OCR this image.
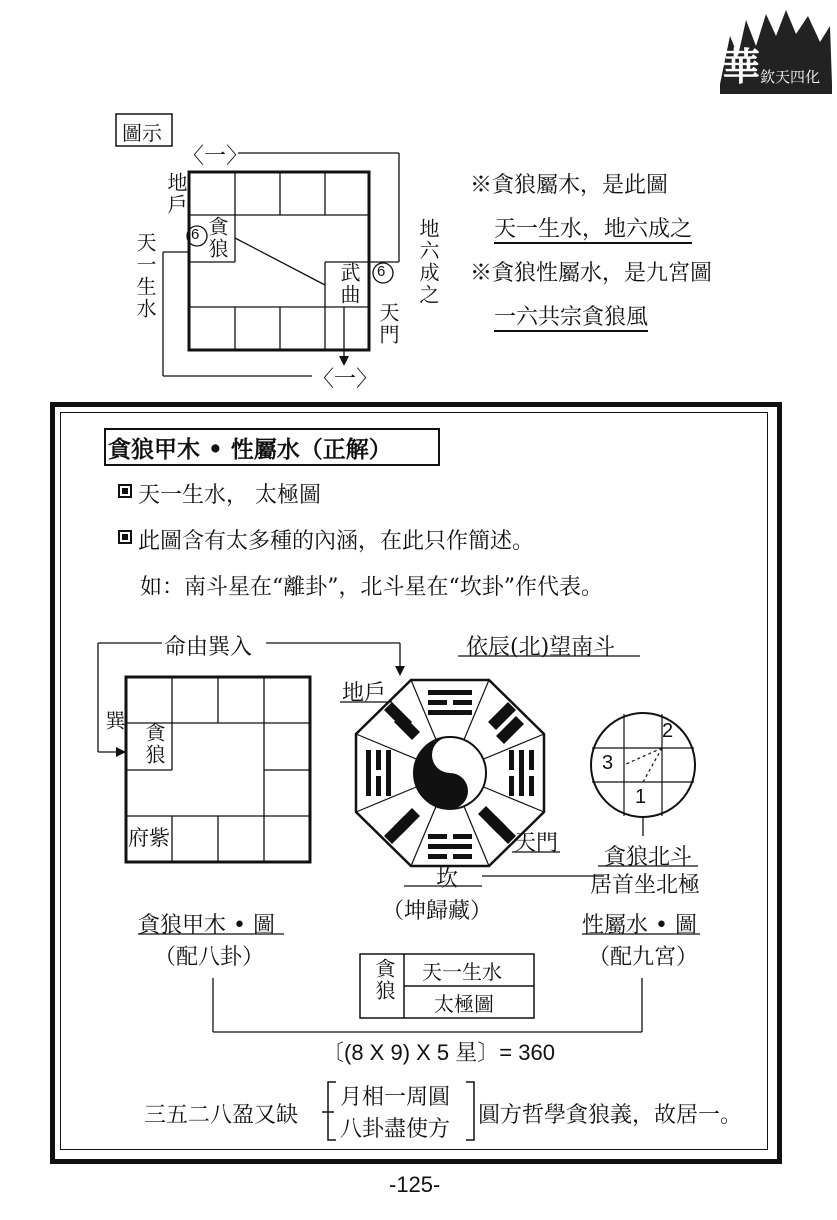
華 欽天四化
圖示
〈一〉
〈一〉
地戶
6
6
天一生水	地六成之
天門
貪狼
武曲
※貪狼屬木，是此圖
天一生水，地六成之
※貪狼性屬水，是九宮圖
一六共宗貪狼風
貪狼甲木 • 性屬水（正解）
天一生水， 太極圖
此圖含有太多種的內涵，在此只作簡述。
如：南斗星在“離卦”，北斗星在“坎卦”作代表。
命由巽入
巽
貪狼
府紫
依辰(北)望南斗
地戶
天門
坎
（坤歸藏）
2
3
1
貪狼北斗
居首坐北極
貪狼甲木 • 圖
（配八卦）
性屬水 • 圖
（配九宮）
貪狼 天一生水
太極圖
〔(8 X 9) X 5 星〕= 360
三五二八盈又缺
月相一周圓
八卦盡使方
圓方哲學貪狼義，故居一。
-125-
